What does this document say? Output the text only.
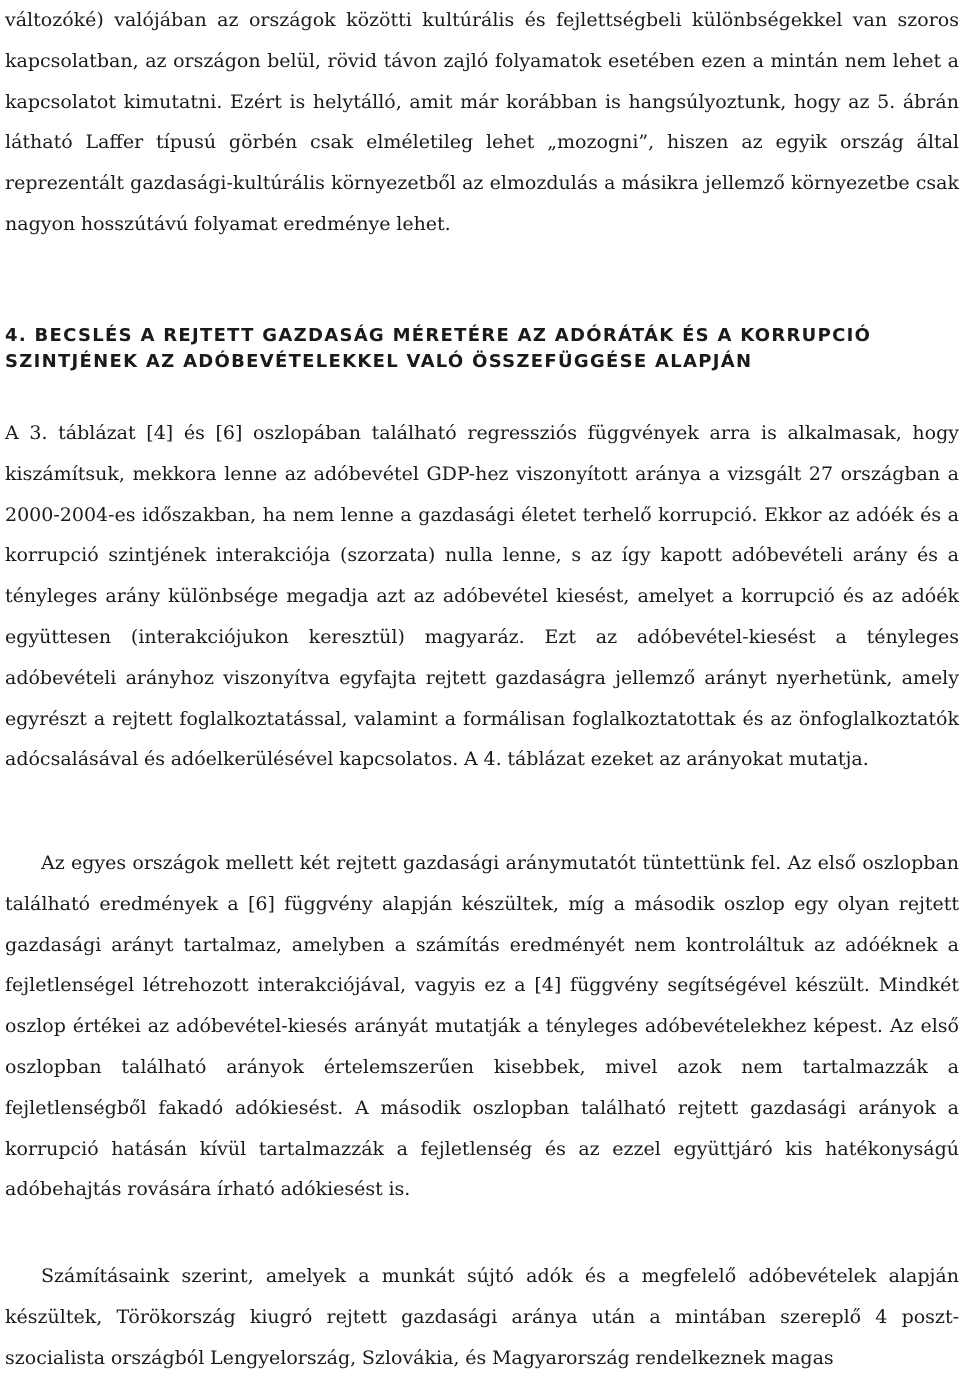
változóké) valójában az országok közötti kultúrális és fejlettségbeli különbségekkel van szoros kapcsolatban, az országon belül, rövid távon zajló folyamatok esetében ezen a mintán nem lehet a kapcsolatot kimutatni. Ezért is helytálló, amit már korábban is hangsúlyoztunk, hogy az 5. ábrán látható Laffer típusú görbén csak elméletileg lehet „mozogni”, hiszen az egyik ország által reprezentált gazdasági-kultúrális környezetből az elmozdulás a másikra jellemző környezetbe csak nagyon hosszútávú folyamat eredménye lehet.

4. BECSLÉS A REJTETT GAZDASÁG MÉRETÉRE AZ ADÓRÁTÁK ÉS A KORRUPCIÓ SZINTJÉNEK AZ ADÓBEVÉTELEKKEL VALÓ ÖSSZEFÜGGÉSE ALAPJÁN

A 3. táblázat [4] és [6] oszlopában található regressziós függvények arra is alkalmasak, hogy kiszámítsuk, mekkora lenne az adóbevétel GDP-hez viszonyított aránya a vizsgált 27 országban a 2000-2004-es időszakban, ha nem lenne a gazdasági életet terhelő korrupció. Ekkor az adóék és a korrupció szintjének interakciója (szorzata) nulla lenne, s az így kapott adóbevételi arány és a tényleges arány különbsége megadja azt az adóbevétel kiesést, amelyet a korrupció és az adóék együttesen (interakciójukon keresztül) magyaráz. Ezt az adóbevétel-kiesést a tényleges adóbevételi arányhoz viszonyítva egyfajta rejtett gazdaságra jellemző arányt nyerhetünk, amely egyrészt a rejtett foglalkoztatással, valamint a formálisan foglalkoztatottak és az önfoglalkoztatók adócsalásával és adóelkerülésével kapcsolatos. A 4. táblázat ezeket az arányokat mutatja.

Az egyes országok mellett két rejtett gazdasági aránymutatót tüntettünk fel. Az első oszlopban található eredmények a [6] függvény alapján készültek, míg a második oszlop egy olyan rejtett gazdasági arányt tartalmaz, amelyben a számítás eredményét nem kontroláltuk az adóéknek a fejletlenségel létrehozott interakciójával, vagyis ez a [4] függvény segítségével készült. Mindkét oszlop értékei az adóbevétel-kiesés arányát mutatják a tényleges adóbevételekhez képest. Az első oszlopban található arányok értelemszerűen kisebbek, mivel azok nem tartalmazzák a fejletlenségből fakadó adókiesést. A második oszlopban található rejtett gazdasági arányok a korrupció hatásán kívül tartalmazzák a fejletlenség és az ezzel együttjáró kis hatékonyságú adóbehajtás rovására írható adókiesést is.

Számításaink szerint, amelyek a munkát sújtó adók és a megfelelő adóbevételek alapján készültek, Törökország kiugró rejtett gazdasági aránya után a mintában szereplő 4 poszt-szocialista országból Lengyelország, Szlovákia, és Magyarország rendelkeznek magas
